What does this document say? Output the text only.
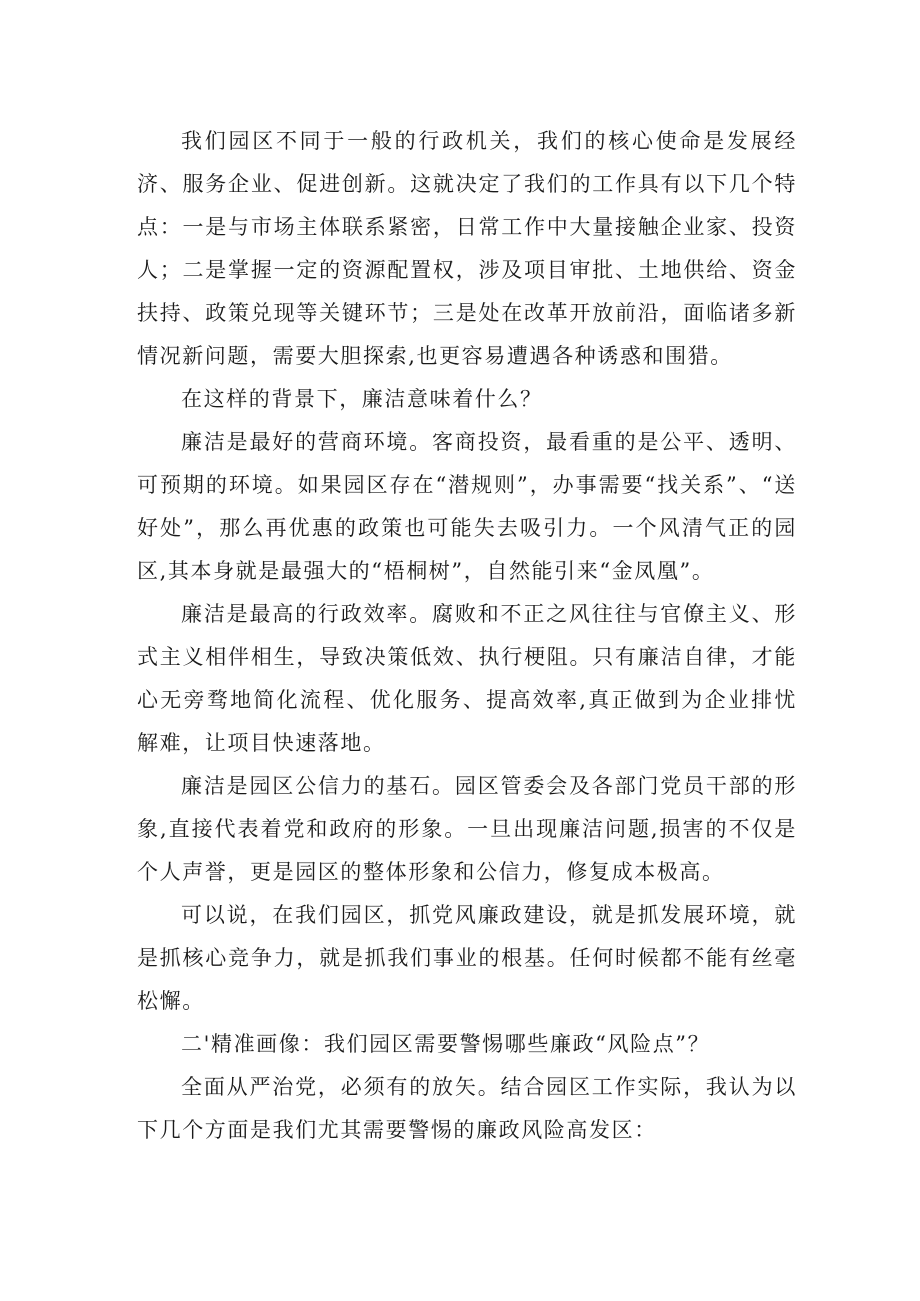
我们园区不同于一般的行政机关，我们的核心使命是发展经济、服务企业、促进创新。这就决定了我们的工作具有以下几个特点：一是与市场主体联系紧密，日常工作中大量接触企业家、投资人；二是掌握一定的资源配置权，涉及项目审批、土地供给、资金扶持、政策兑现等关键环节；三是处在改革开放前沿，面临诸多新情况新问题，需要大胆探索,也更容易遭遇各种诱惑和围猎。

在这样的背景下，廉洁意味着什么？

廉洁是最好的营商环境。客商投资，最看重的是公平、透明、可预期的环境。如果园区存在“潜规则”，办事需要“找关系”、“送好处”，那么再优惠的政策也可能失去吸引力。一个风清气正的园区,其本身就是最强大的“梧桐树”，自然能引来“金凤凰”。

廉洁是最高的行政效率。腐败和不正之风往往与官僚主义、形式主义相伴相生，导致决策低效、执行梗阻。只有廉洁自律，才能心无旁骛地简化流程、优化服务、提高效率,真正做到为企业排忧解难，让项目快速落地。

廉洁是园区公信力的基石。园区管委会及各部门党员干部的形象,直接代表着党和政府的形象。一旦出现廉洁问题,损害的不仅是个人声誉，更是园区的整体形象和公信力，修复成本极高。

可以说，在我们园区，抓党风廉政建设，就是抓发展环境，就是抓核心竞争力，就是抓我们事业的根基。任何时候都不能有丝毫松懈。

二'精准画像：我们园区需要警惕哪些廉政“风险点”？

全面从严治党，必须有的放矢。结合园区工作实际，我认为以下几个方面是我们尤其需要警惕的廉政风险高发区：
